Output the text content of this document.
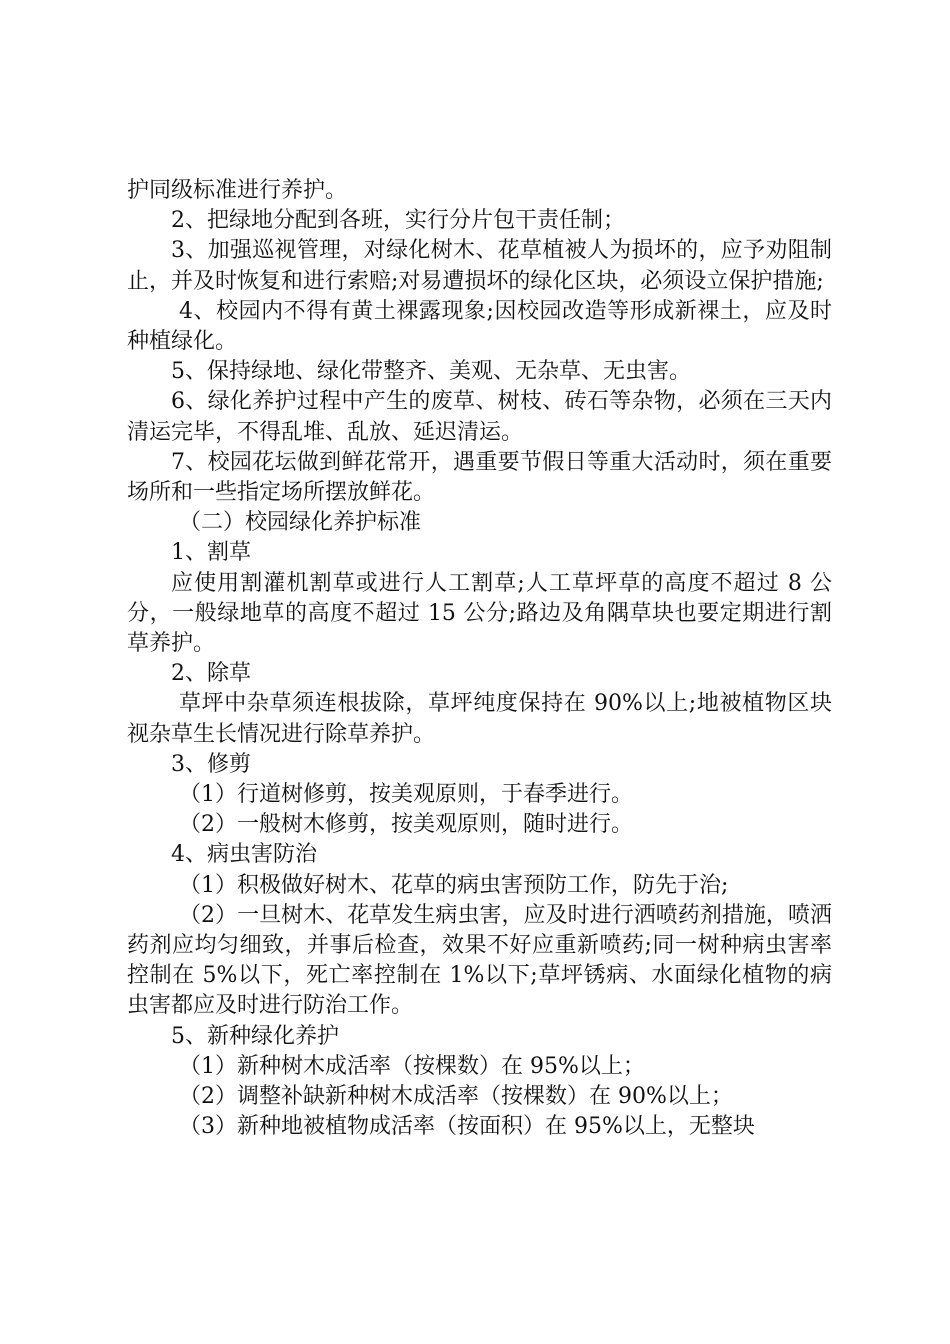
护同级标准进行养护。

2、把绿地分配到各班，实行分片包干责任制；

3、加强巡视管理，对绿化树木、花草植被人为损坏的，应予劝阻制止，并及时恢复和进行索赔;对易遭损坏的绿化区块，必须设立保护措施;

4、校园内不得有黄土裸露现象;因校园改造等形成新裸土，应及时种植绿化。

5、保持绿地、绿化带整齐、美观、无杂草、无虫害。

6、绿化养护过程中产生的废草、树枝、砖石等杂物，必须在三天内清运完毕，不得乱堆、乱放、延迟清运。

7、校园花坛做到鲜花常开，遇重要节假日等重大活动时，须在重要场所和一些指定场所摆放鲜花。

（二）校园绿化养护标准

1、割草

应使用割灌机割草或进行人工割草;人工草坪草的高度不超过 8 公分，一般绿地草的高度不超过 15 公分;路边及角隅草块也要定期进行割草养护。

2、除草

草坪中杂草须连根拔除，草坪纯度保持在 90%以上;地被植物区块视杂草生长情况进行除草养护。

3、修剪

（1）行道树修剪，按美观原则，于春季进行。

（2）一般树木修剪，按美观原则，随时进行。

4、病虫害防治

（1）积极做好树木、花草的病虫害预防工作，防先于治;

（2）一旦树木、花草发生病虫害，应及时进行洒喷药剂措施，喷洒药剂应均匀细致，并事后检查，效果不好应重新喷药;同一树种病虫害率控制在 5%以下，死亡率控制在 1%以下;草坪锈病、水面绿化植物的病虫害都应及时进行防治工作。

5、新种绿化养护

（1）新种树木成活率（按棵数）在 95%以上；

（2）调整补缺新种树木成活率（按棵数）在 90%以上；

（3）新种地被植物成活率（按面积）在 95%以上，无整块
